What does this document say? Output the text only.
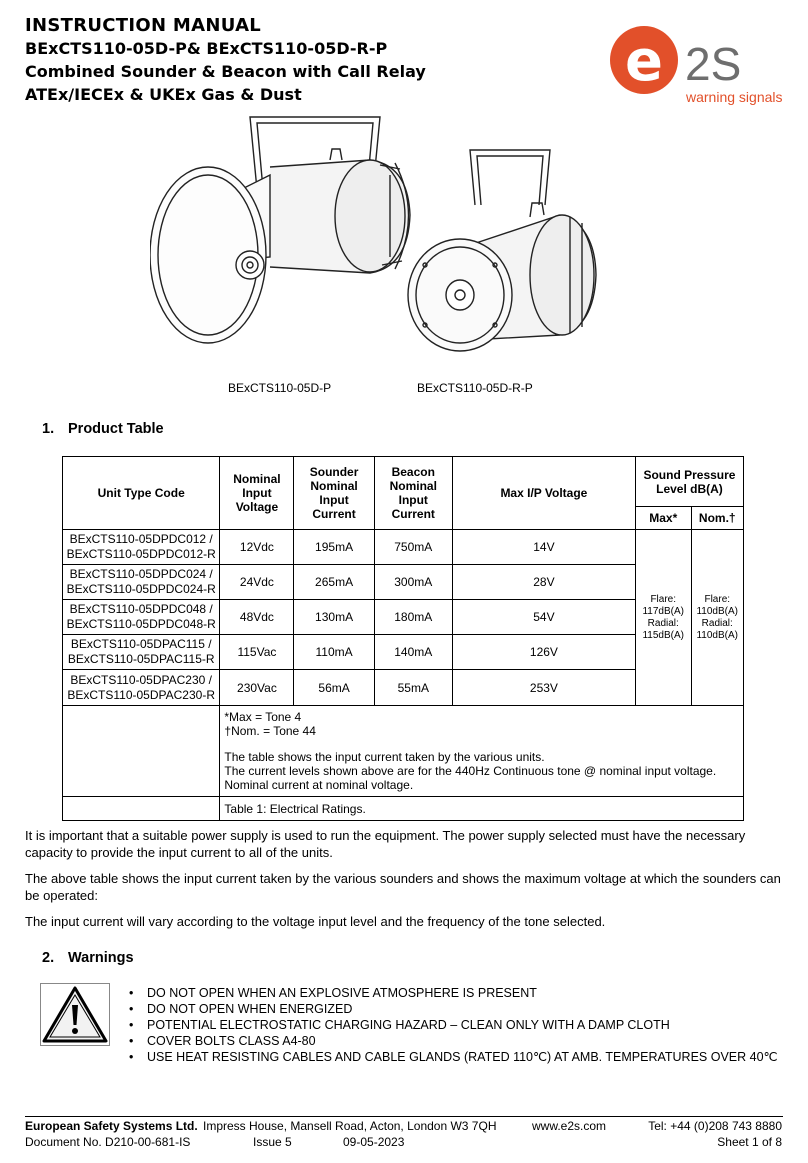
INSTRUCTION MANUAL
BExCTS110-05D-P& BExCTS110-05D-R-P
Combined Sounder & Beacon with Call Relay
ATEx/IECEx & UKEx Gas & Dust
e 2S
warning signals
BExCTS110-05D-P	BExCTS110-05D-R-P
1. Product Table
Unit Type Code	Nominal Input Voltage	Sounder Nominal Input Current	Beacon Nominal Input Current	Max I/P Voltage	Sound Pressure Level dB(A)	
					Max*	Nom.†
BExCTS110-05DPDC012 /
BExCTS110-05DPDC012-R	12Vdc	195mA	750mA	14V	Flare:
117dB(A)
Radial:
115dB(A)	Flare:
110dB(A)
Radial:
110dB(A)
BExCTS110-05DPDC024 /
BExCTS110-05DPDC024-R	24Vdc	265mA	300mA	28V		
BExCTS110-05DPDC048 /
BExCTS110-05DPDC048-R	48Vdc	130mA	180mA	54V		
BExCTS110-05DPAC115 /
BExCTS110-05DPAC115-R	115Vac	110mA	140mA	126V		
BExCTS110-05DPAC230 /
BExCTS110-05DPAC230-R	230Vac	56mA	55mA	253V		

	*Max = Tone 4

†Nom. = Tone 44

The table shows the input current taken by the various units.

The current levels shown above are for the 440Hz Continuous tone @ nominal input voltage.

Nominal current at nominal voltage.					

	Table 1: Electrical Ratings.					

It is important that a suitable power supply is used to run the equipment. The power supply selected must have the necessary capacity to provide the input current to all of the units.

The above table shows the input current taken by the various sounders and shows the maximum voltage at which the sounders can be operated:

The input current will vary according to the voltage input level and the frequency of the tone selected.

2. Warnings
• DO NOT OPEN WHEN AN EXPLOSIVE ATMOSPHERE IS PRESENT
• DO NOT OPEN WHEN ENERGIZED
• POTENTIAL ELECTROSTATIC CHARGING HAZARD – CLEAN ONLY WITH A DAMP CLOTH
• COVER BOLTS CLASS A4-80
• USE HEAT RESISTING CABLES AND CABLE GLANDS (RATED 110℃) AT AMB. TEMPERATURES OVER 40℃
European Safety Systems Ltd. Impress House, Mansell Road, Acton, London W3 7QH	www.e2s.com	Tel: +44 (0)208 743 8880
Document No. D210-00-681-IS	Issue 5	09-05-2023	Sheet 1 of 8
